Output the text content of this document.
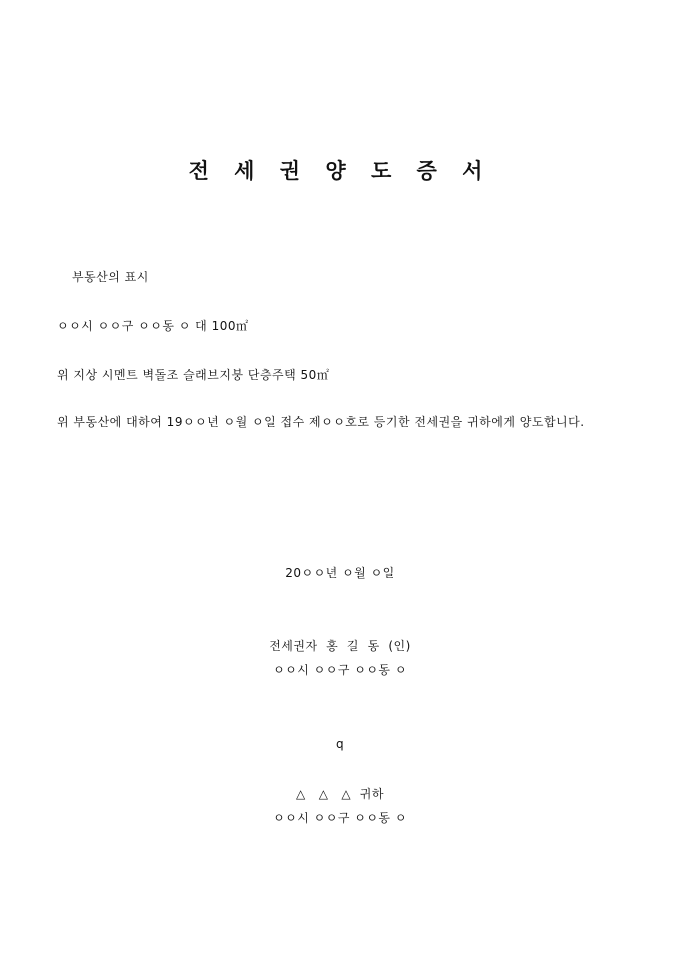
전 세 권 양 도 증 서
부동산의 표시
ㅇㅇ시 ㅇㅇ구 ㅇㅇ동 ㅇ 대 100㎡
위 지상 시멘트 벽돌조 슬래브지붕 단층주택 50㎡
위 부동산에 대하여 19ㅇㅇ년 ㅇ월 ㅇ일 접수 제ㅇㅇ호로 등기한 전세권을 귀하에게 양도합니다.
20ㅇㅇ년 ㅇ월 ㅇ일
전세권자  홍  길  동  (인)
ㅇㅇ시 ㅇㅇ구 ㅇㅇ동 ㅇ
q
△   △   △  귀하
ㅇㅇ시 ㅇㅇ구 ㅇㅇ동 ㅇ
